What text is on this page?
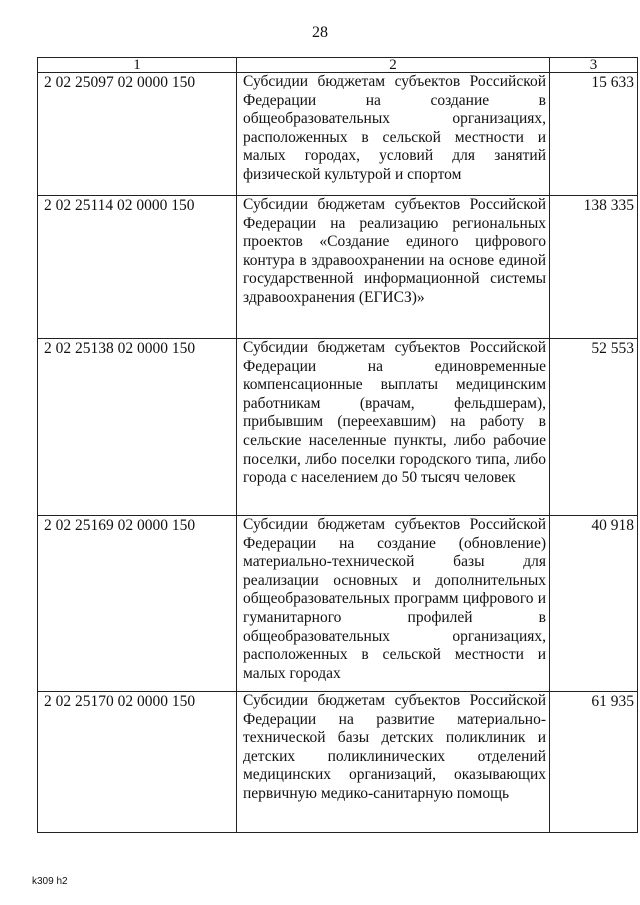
28
1	2	3
2 02 25097 02 0000 150	Субсидии бюджетам субъектов Российской Федерации на создание в общеобразовательных организациях, расположенных в сельской местности и малых городах, условий для занятий физической культурой и спортом	15 633
2 02 25114 02 0000 150	Субсидии бюджетам субъектов Российской Федерации на реализацию региональных проектов «Создание единого цифрового контура в здравоохранении на основе единой государственной информационной системы здравоохранения (ЕГИСЗ)»	138 335
2 02 25138 02 0000 150	Субсидии бюджетам субъектов Российской Федерации на единовременные компенсационные выплаты медицинским работникам (врачам, фельдшерам), прибывшим (переехавшим) на работу в сельские населенные пункты, либо рабочие поселки, либо поселки городского типа, либо города с населением до 50 тысяч человек	52 553
2 02 25169 02 0000 150	Субсидии бюджетам субъектов Российской Федерации на создание (обновление) материально-технической базы для реализации основных и дополнительных общеобразовательных программ цифрового и гуманитарного профилей в общеобразовательных организациях, расположенных в сельской местности и малых городах	40 918
2 02 25170 02 0000 150	Субсидии бюджетам субъектов Российской Федерации на развитие материально-технической базы детских поликлиник и детских поликлинических отделений медицинских организаций, оказывающих первичную медико-санитарную помощь	61 935
k309 h2
